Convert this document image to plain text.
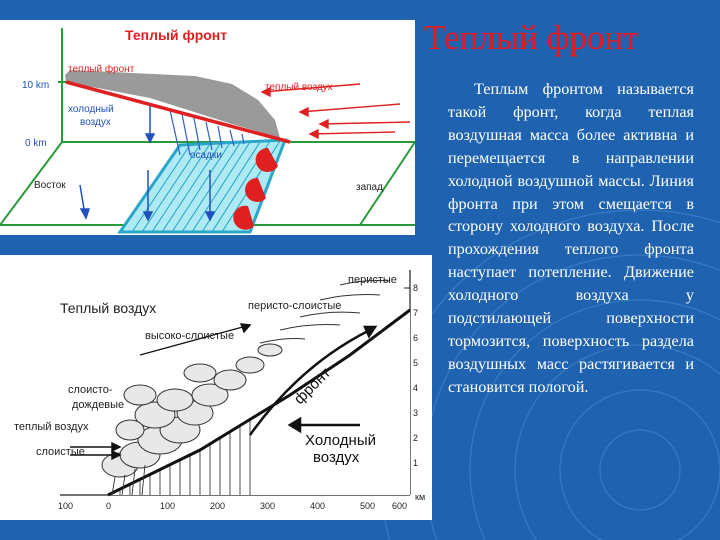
Теплый фронт
Теплым фронтом называется такой фронт, когда теплая воздушная масса более активна и перемещается в направлении холодной воздушной массы. Линия фронта при этом смещается в сторону холодного воздуха. После прохождения теплого фронта наступает потепление. Движение холодного воздуха у подстилающей поверхности тормозится, поверхность раздела воздушных масс растягивается и становится пологой.
Теплый фронт
теплый фронт
теплый воздух
холодный
воздух
осадки
10 km
0 km
Восток	запад
Теплый воздух
перистые
перисто-слоистые
высоко-слоистые
слоисто-
дождевые
теплый воздух
слоистые
фронт
Холодный
воздух
км
8
7
6
5
4
3
2
1
100	0	100	200	300	400	500 600
